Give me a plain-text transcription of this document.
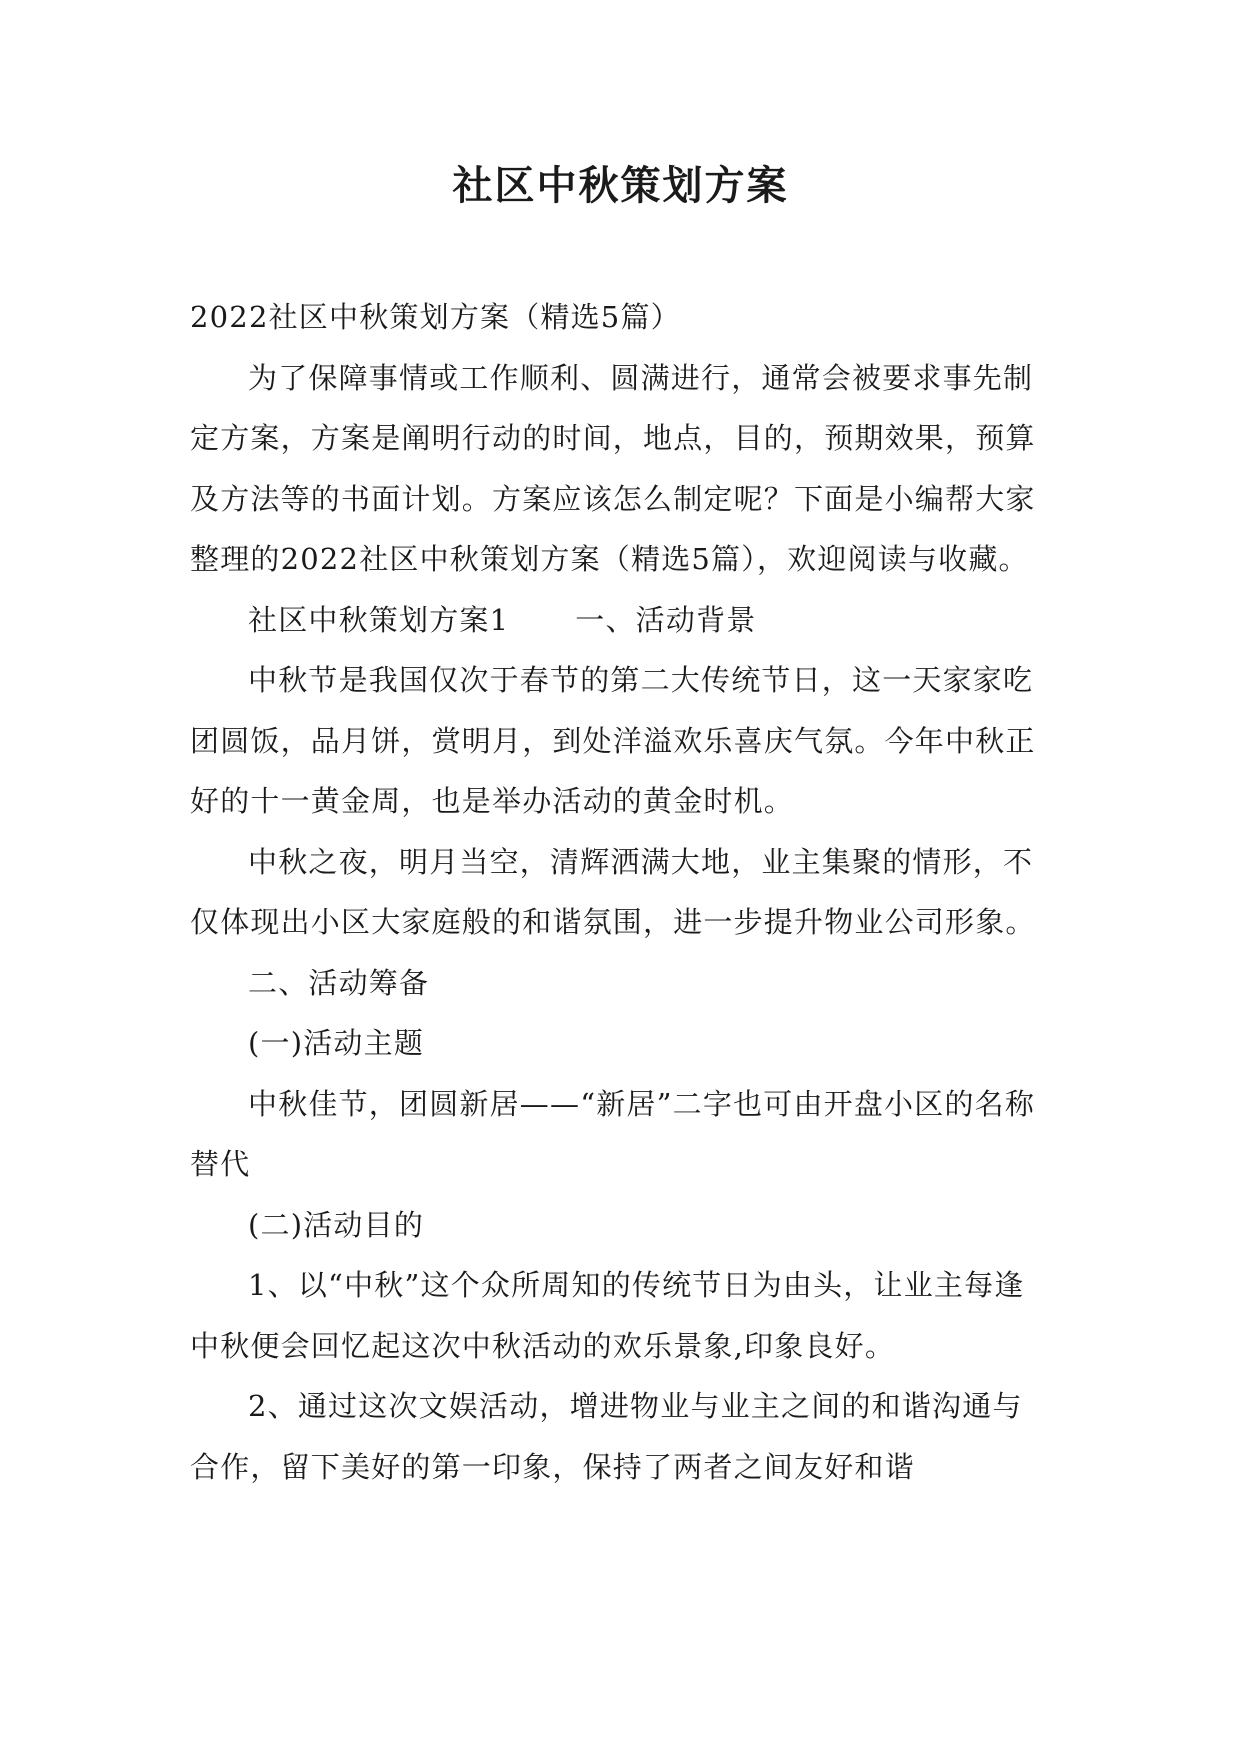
社区中秋策划方案

2022社区中秋策划方案（精选5篇）

为了保障事情或工作顺利、圆满进行，通常会被要求事先制定方案，方案是阐明行动的时间，地点，目的，预期效果，预算及方法等的书面计划。方案应该怎么制定呢？下面是小编帮大家整理的2022社区中秋策划方案（精选5篇），欢迎阅读与收藏。

社区中秋策划方案1 一、活动背景

中秋节是我国仅次于春节的第二大传统节日，这一天家家吃团圆饭，品月饼，赏明月，到处洋溢欢乐喜庆气氛。今年中秋正好的十一黄金周，也是举办活动的黄金时机。

中秋之夜，明月当空，清辉洒满大地，业主集聚的情形，不仅体现出小区大家庭般的和谐氛围，进一步提升物业公司形象。

二、活动筹备

(一)活动主题

中秋佳节，团圆新居——“新居”二字也可由开盘小区的名称替代

(二)活动目的

1、以“中秋”这个众所周知的传统节日为由头，让业主每逢中秋便会回忆起这次中秋活动的欢乐景象,印象良好。

2、通过这次文娱活动，增进物业与业主之间的和谐沟通与合作，留下美好的第一印象，保持了两者之间友好和谐
